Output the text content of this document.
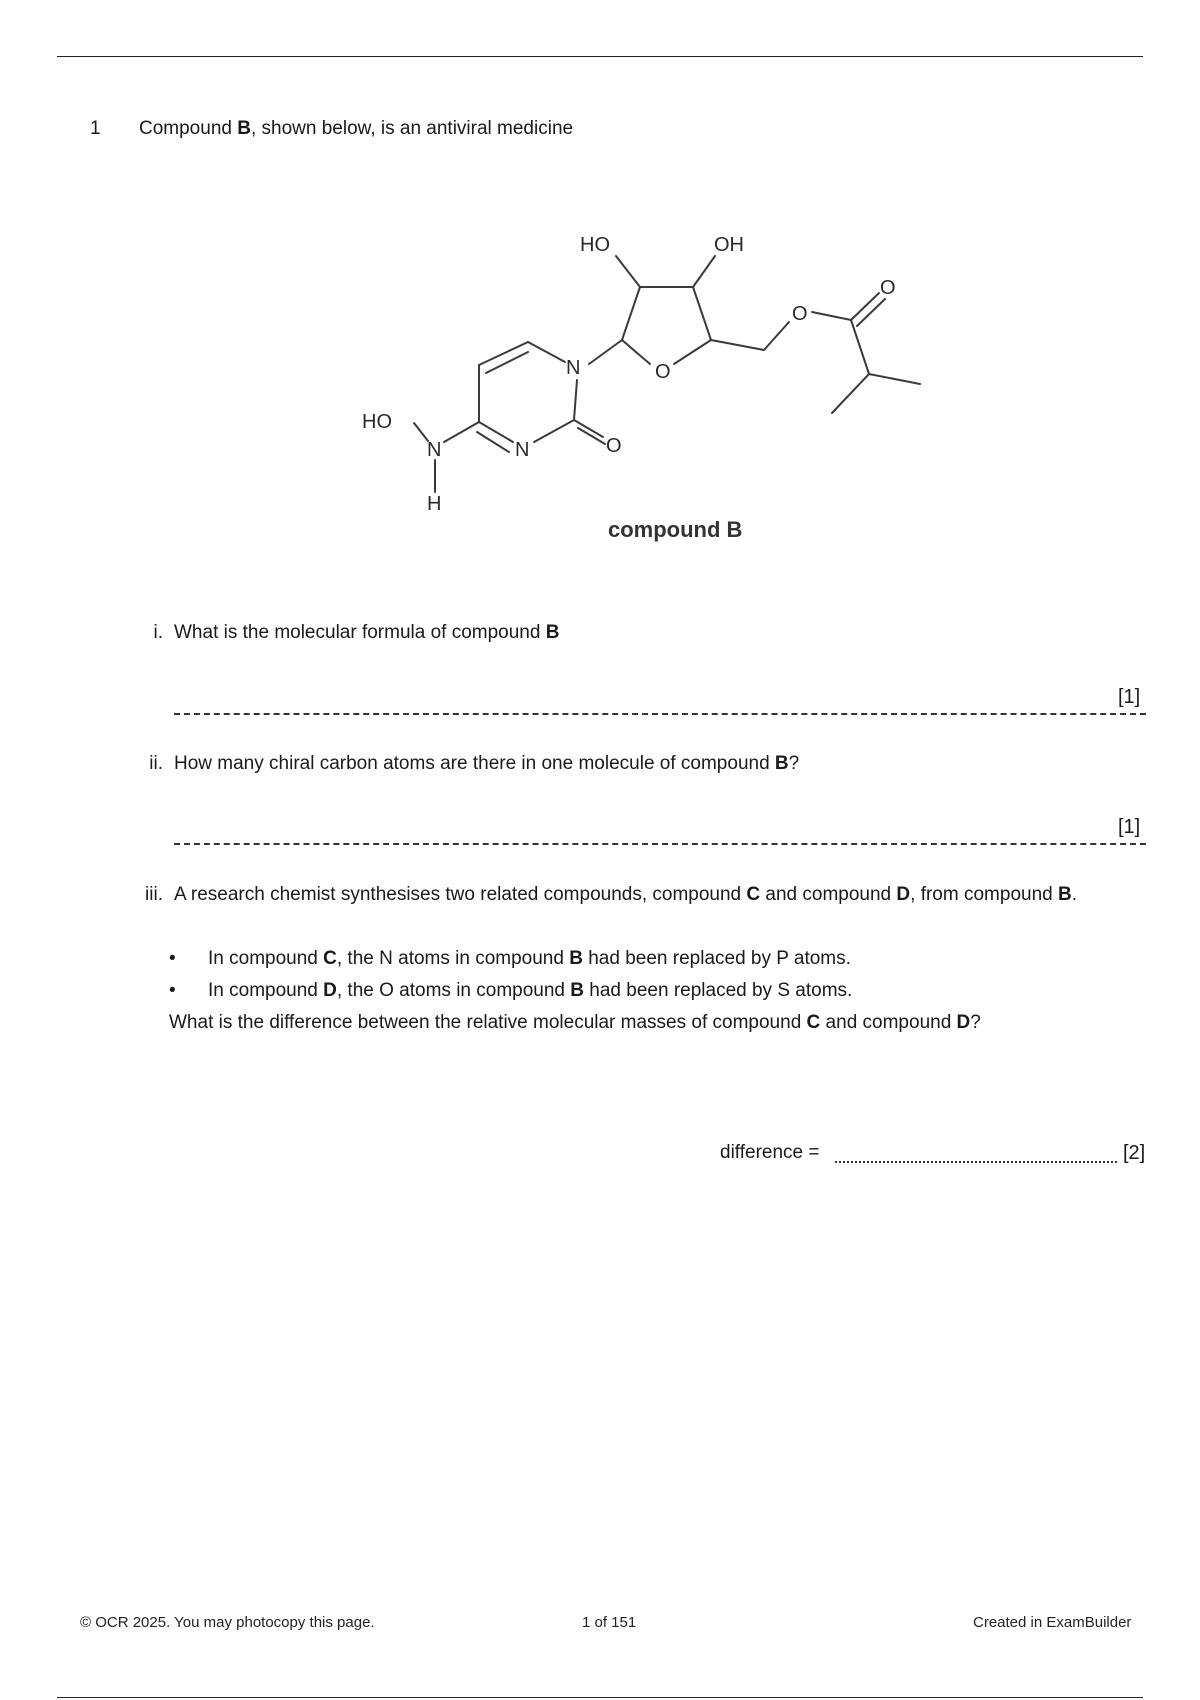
1 Compound B, shown below, is an antiviral medicine
HO	OH
O
O
N	O
HO
N	N	O
H
compound B
i. What is the molecular formula of compound B
[1]
ii. How many chiral carbon atoms are there in one molecule of compound B?
[1]
iii. A research chemist synthesises two related compounds, compound C and compound D, from compound B.
• In compound C, the N atoms in compound B had been replaced by P atoms.
• In compound D, the O atoms in compound B had been replaced by S atoms.
What is the difference between the relative molecular masses of compound C and compound D?
difference =	[2]
© OCR 2025. You may photocopy this page.	1 of 151	Created in ExamBuilder
